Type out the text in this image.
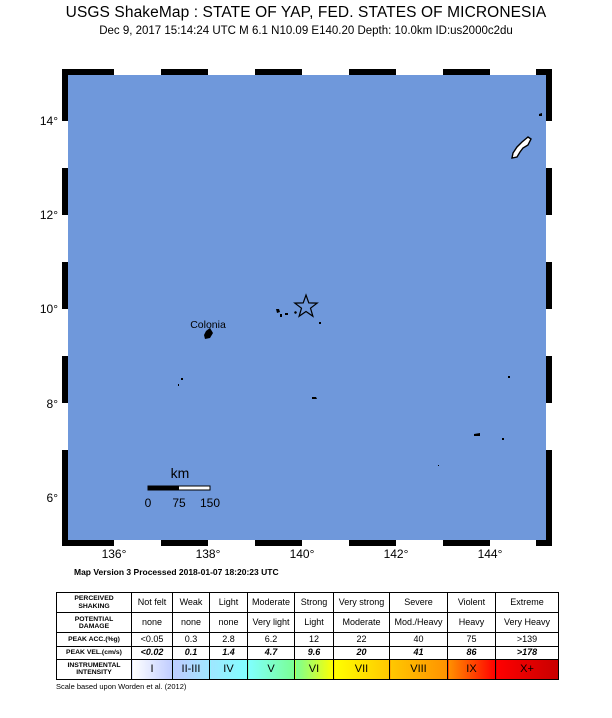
USGS ShakeMap : STATE OF YAP, FED. STATES OF MICRONESIA
Dec 9, 2017 15:14:24 UTC M 6.1 N10.09 E140.20 Depth: 10.0km ID:us2000c2du
Colonia
km
0 75 150
14°
12°
10°
8°
6°
136°	138°	140°	142°	144°
Map Version 3 Processed 2018-01-07 18:20:23 UTC
PERCEIVED
SHAKING	Not felt	Weak	Light	Moderate	Strong	Very strong	Severe	Violent	Extreme

POTENTIAL
DAMAGE	none	none	none	Very light	Light	Moderate	Mod./Heavy	Heavy	Very Heavy

PEAK ACC.(%g)	<0.05	0.3	2.8	6.2	12	22	40	75	>139

PEAK VEL.(cm/s)	<0.02	0.1	1.4	4.7	9.6	20	41	86	>178

INSTRUMENTAL
INTENSITY	I	II-III	IV	V	VI	VII	VIII	IX	X+
Scale based upon Worden et al. (2012)
